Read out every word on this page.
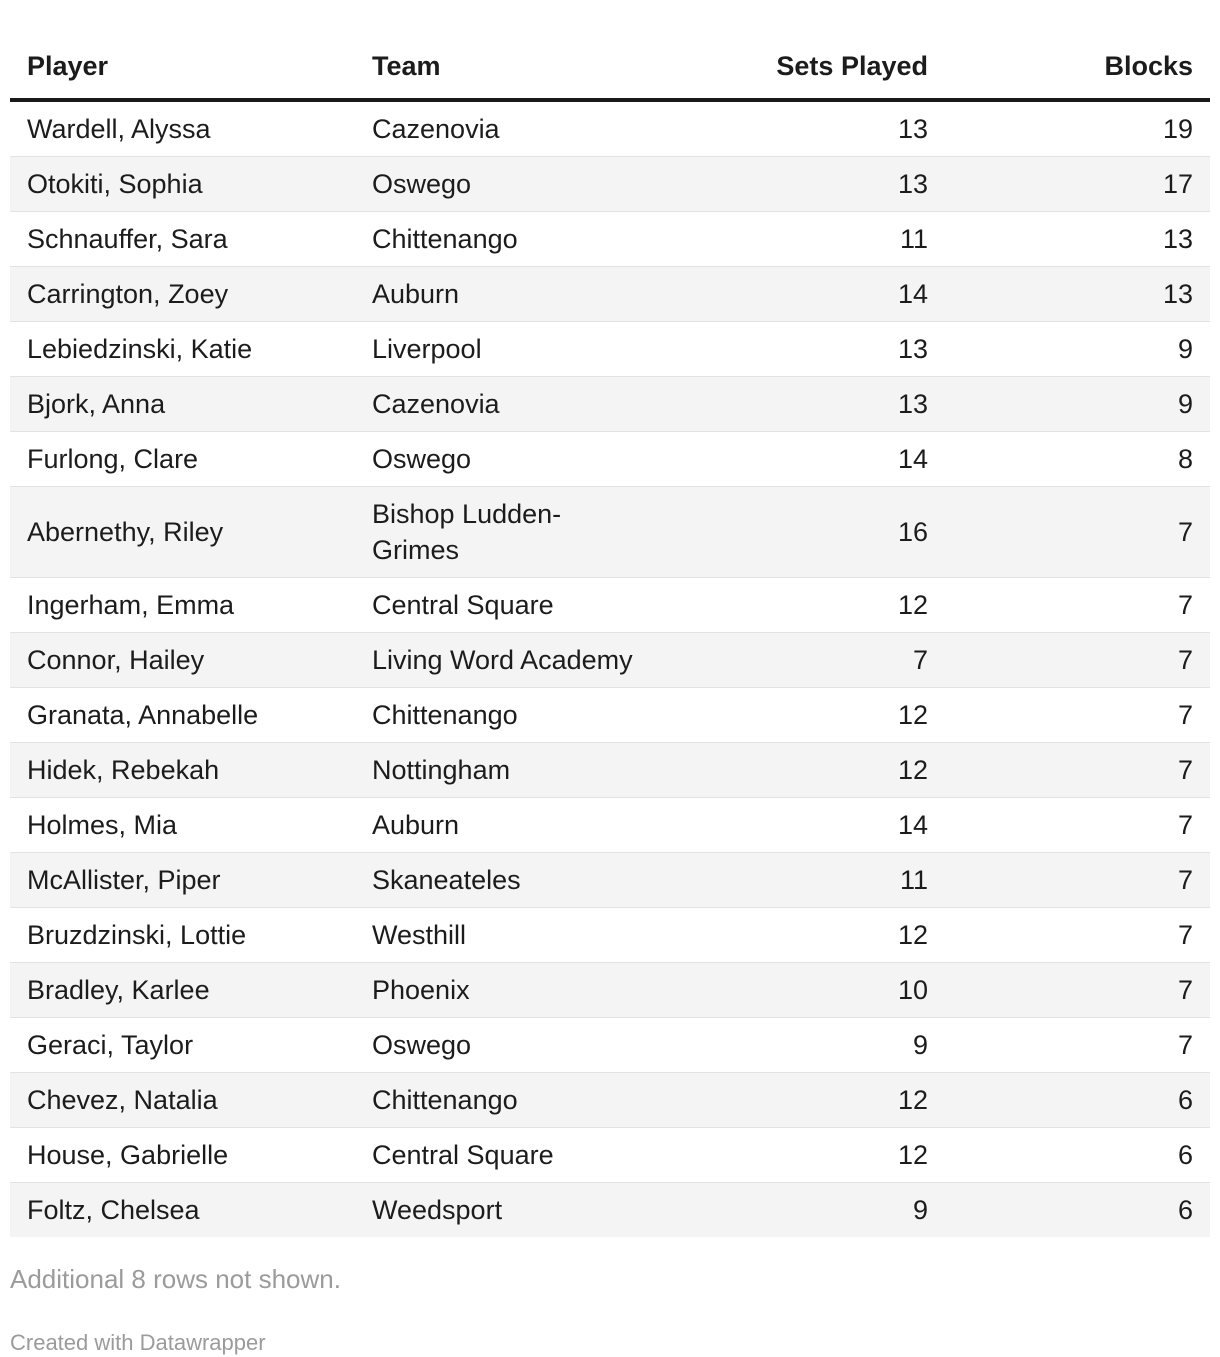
Player	Team	Sets Played	Blocks
Wardell, Alyssa	Cazenovia	13	19
Otokiti, Sophia	Oswego	13	17
Schnauffer, Sara	Chittenango	11	13
Carrington, Zoey	Auburn	14	13
Lebiedzinski, Katie	Liverpool	13	9
Bjork, Anna	Cazenovia	13	9
Furlong, Clare	Oswego	14	8
Abernethy, Riley	Bishop Ludden-Grimes	16	7
Ingerham, Emma	Central Square	12	7
Connor, Hailey	Living Word Academy	7	7
Granata, Annabelle	Chittenango	12	7
Hidek, Rebekah	Nottingham	12	7
Holmes, Mia	Auburn	14	7
McAllister, Piper	Skaneateles	11	7
Bruzdzinski, Lottie	Westhill	12	7
Bradley, Karlee	Phoenix	10	7
Geraci, Taylor	Oswego	9	7
Chevez, Natalia	Chittenango	12	6
House, Gabrielle	Central Square	12	6
Foltz, Chelsea	Weedsport	9	6

Additional 8 rows not shown.

Created with Datawrapper
